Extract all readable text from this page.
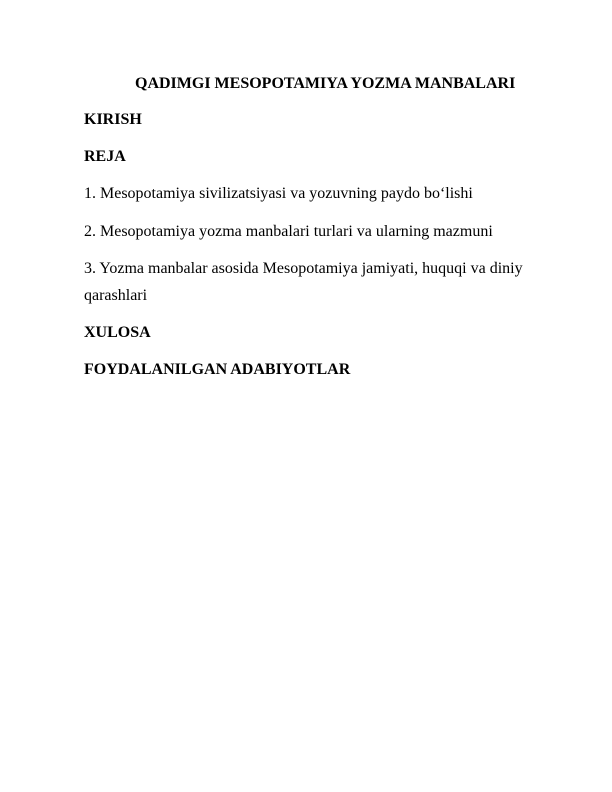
QADIMGI MESOPOTAMIYA YOZMA MANBALARI
KIRISH
REJA
1. Mesopotamiya sivilizatsiyasi va yozuvning paydo bo‘lishi
2. Mesopotamiya yozma manbalari turlari va ularning mazmuni
3. Yozma manbalar asosida Mesopotamiya jamiyati, huquqi va diniy
qarashlari
XULOSA
FOYDALANILGAN ADABIYOTLAR
